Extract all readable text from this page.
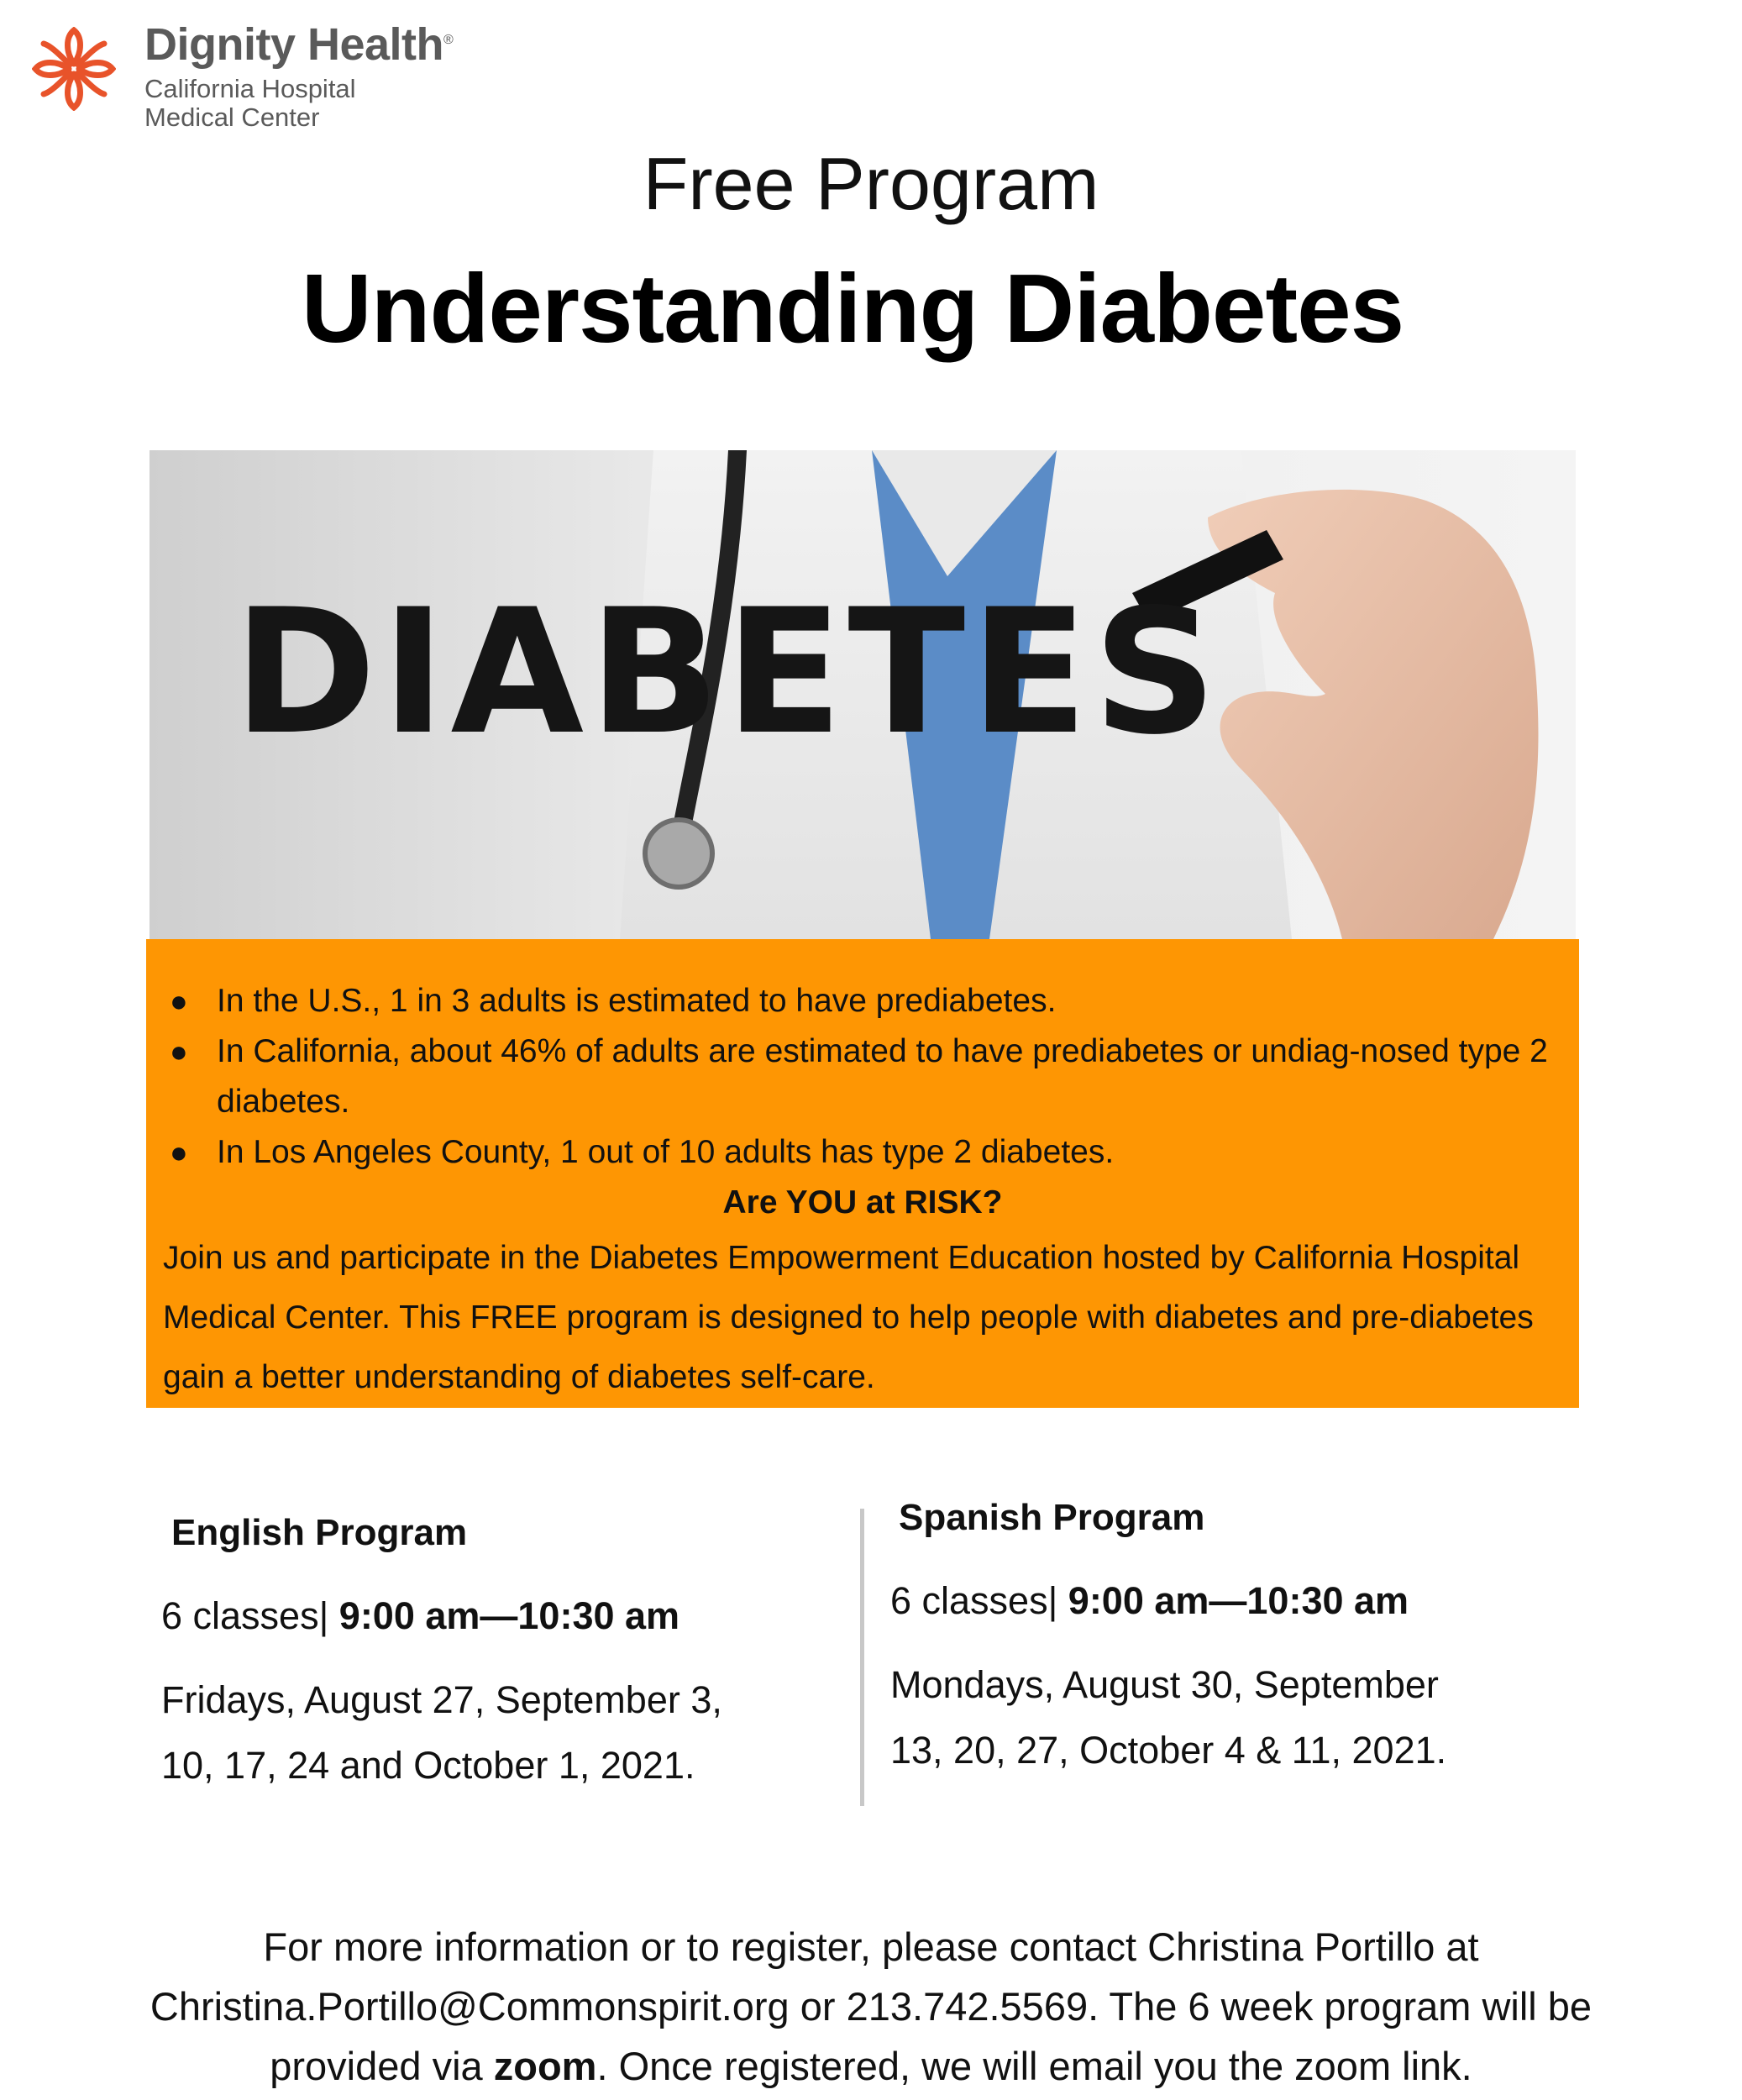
Dignity Health®
California Hospital
Medical Center
Free Program
Understanding Diabetes
DIABETES
● In the U.S., 1 in 3 adults is estimated to have prediabetes.
● In California, about 46% of adults are estimated to have prediabetes or undiag-nosed type 2 diabetes.
● In Los Angeles County, 1 out of 10 adults has type 2 diabetes.
Are YOU at RISK?
Join us and participate in the Diabetes Empowerment Education hosted by California Hospital Medical Center. This FREE program is designed to help people with diabetes and pre-diabetes gain a better understanding of diabetes self-care.
English Program
6 classes| 9:00 am—10:30 am
Fridays, August 27, September 3,
10, 17, 24 and October 1, 2021.
Spanish Program
6 classes| 9:00 am—10:30 am
Mondays, August 30, September
13, 20, 27, October 4 & 11, 2021.
For more information or to register, please contact Christina Portillo at
Christina.Portillo@Commonspirit.org or 213.742.5569. The 6 week program will be
provided via zoom. Once registered, we will email you the zoom link.
